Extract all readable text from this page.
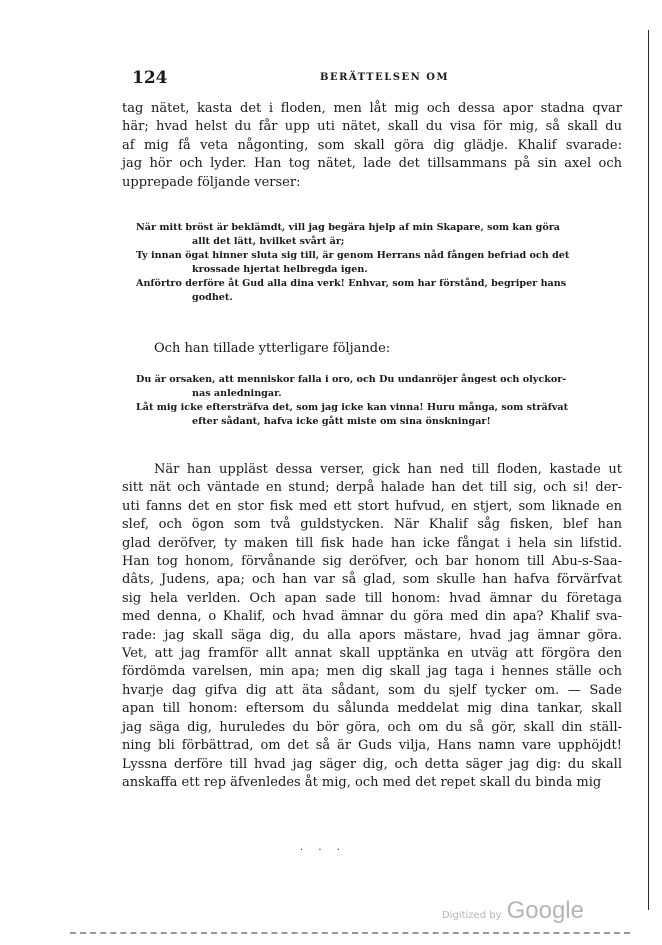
124	BERÄTTELSEN OM
tag nätet, kasta det i floden, men låt mig och dessa apor stadna qvar
här; hvad helst du får upp uti nätet, skall du visa för mig, så skall du
af mig få veta någonting, som skall göra dig glädje. Khalif svarade:
jag hör och lyder. Han tog nätet, lade det tillsammans på sin axel och
upprepade följande verser:
När mitt bröst är beklämdt, vill jag begära hjelp af min Skapare, som kan göra
allt det lätt, hvilket svårt är;
Ty innan ögat hinner sluta sig till, är genom Herrans nåd fången befriad och det
krossade hjertat helbregda igen.
Anförtro derföre åt Gud alla dina verk! Enhvar, som har förstånd, begriper hans
godhet.
Och han tillade ytterligare följande:
Du är orsaken, att menniskor falla i oro, och Du undanröjer ångest och olyckor-
nas anledningar.
Låt mig icke eftersträfva det, som jag icke kan vinna! Huru många, som sträfvat
efter sådant, hafva icke gått miste om sina önskningar!
När han uppläst dessa verser, gick han ned till floden, kastade ut
sitt nät och väntade en stund; derpå halade han det till sig, och si! der-
uti fanns det en stor fisk med ett stort hufvud, en stjert, som liknade en
slef, och ögon som två guldstycken. När Khalif såg fisken, blef han
glad deröfver, ty maken till fisk hade han icke fångat i hela sin lifstid.
Han tog honom, förvånande sig deröfver, och bar honom till Abu-s-Saa-
dâts, Judens, apa; och han var så glad, som skulle han hafva förvärfvat
sig hela verlden. Och apan sade till honom: hvad ämnar du företaga
med denna, o Khalif, och hvad ämnar du göra med din apa? Khalif sva-
rade: jag skall säga dig, du alla apors mästare, hvad jag ämnar göra.
Vet, att jag framför allt annat skall upptänka en utväg att förgöra den
fördömda varelsen, min apa; men dig skall jag taga i hennes ställe och
hvarje dag gifva dig att äta sådant, som du sjelf tycker om. — Sade
apan till honom: eftersom du sålunda meddelat mig dina tankar, skall
jag säga dig, huruledes du bör göra, och om du så gör, skall din ställ-
ning bli förbättrad, om det så är Guds vilja, Hans namn vare upphöjdt!
Lyssna derföre till hvad jag säger dig, och detta säger jag dig: du skall
anskaffa ett rep äfvenledes åt mig, och med det repet skall du binda mig
· · ·
Digitized by Google
